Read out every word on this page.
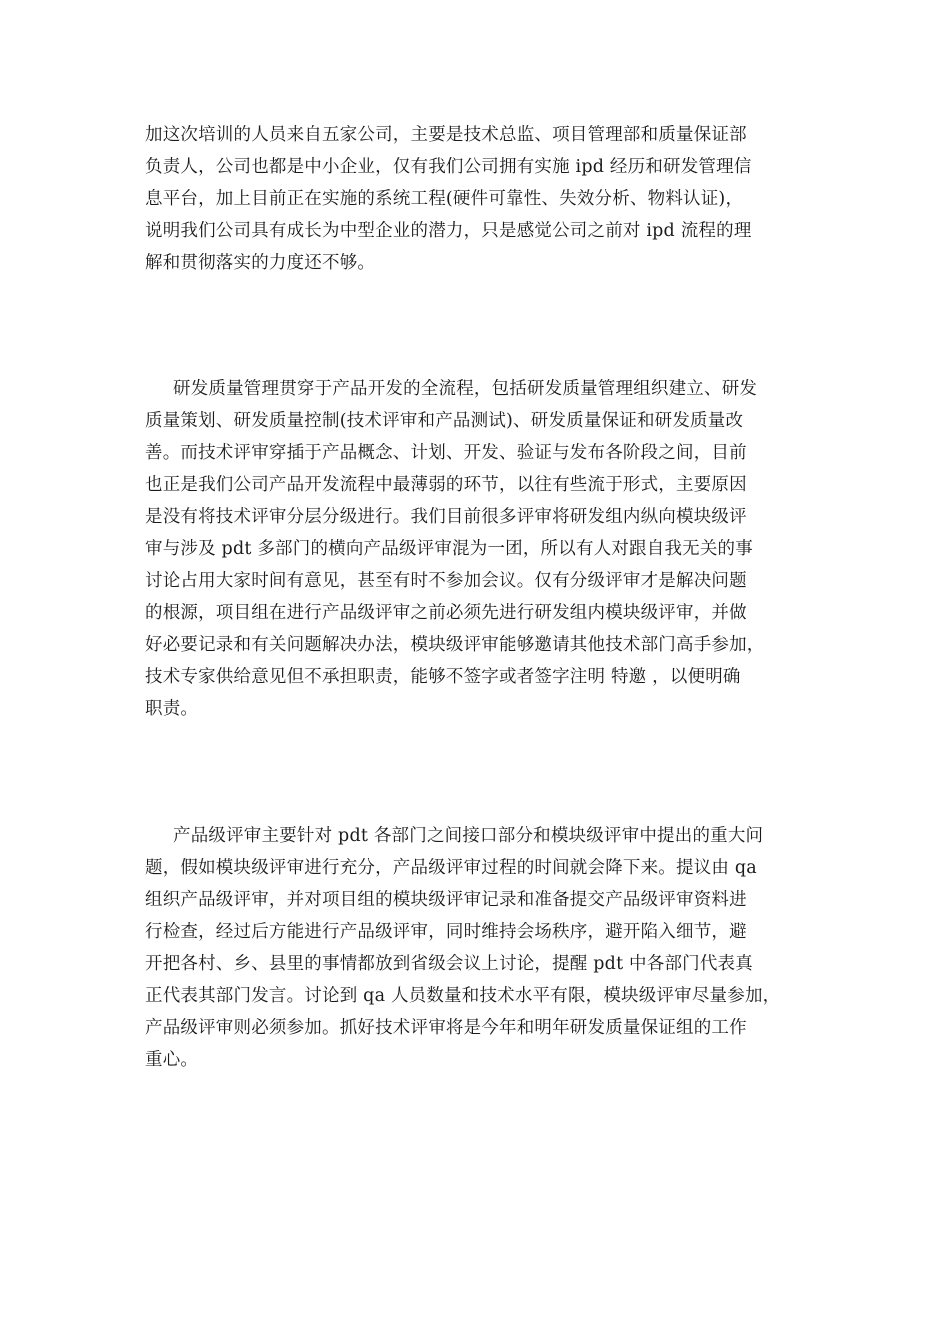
加这次培训的人员来自五家公司，主要是技术总监、项目管理部和质量保证部
负责人，公司也都是中小企业，仅有我们公司拥有实施 ipd 经历和研发管理信
息平台，加上目前正在实施的系统工程(硬件可靠性、失效分析、物料认证)，
说明我们公司具有成长为中型企业的潜力，只是感觉公司之前对 ipd 流程的理
解和贯彻落实的力度还不够。
研发质量管理贯穿于产品开发的全流程，包括研发质量管理组织建立、研发
质量策划、研发质量控制(技术评审和产品测试)、研发质量保证和研发质量改
善。而技术评审穿插于产品概念、计划、开发、验证与发布各阶段之间，目前
也正是我们公司产品开发流程中最薄弱的环节，以往有些流于形式，主要原因
是没有将技术评审分层分级进行。我们目前很多评审将研发组内纵向模块级评
审与涉及 pdt 多部门的横向产品级评审混为一团，所以有人对跟自我无关的事
讨论占用大家时间有意见，甚至有时不参加会议。仅有分级评审才是解决问题
的根源，项目组在进行产品级评审之前必须先进行研发组内模块级评审，并做
好必要记录和有关问题解决办法，模块级评审能够邀请其他技术部门高手参加，
技术专家供给意见但不承担职责，能够不签字或者签字注明 特邀 ，以便明确
职责。
产品级评审主要针对 pdt 各部门之间接口部分和模块级评审中提出的重大问
题，假如模块级评审进行充分，产品级评审过程的时间就会降下来。提议由 qa
组织产品级评审，并对项目组的模块级评审记录和准备提交产品级评审资料进
行检查，经过后方能进行产品级评审，同时维持会场秩序，避开陷入细节，避
开把各村、乡、县里的事情都放到省级会议上讨论，提醒 pdt 中各部门代表真
正代表其部门发言。讨论到 qa 人员数量和技术水平有限，模块级评审尽量参加，
产品级评审则必须参加。抓好技术评审将是今年和明年研发质量保证组的工作
重心。
